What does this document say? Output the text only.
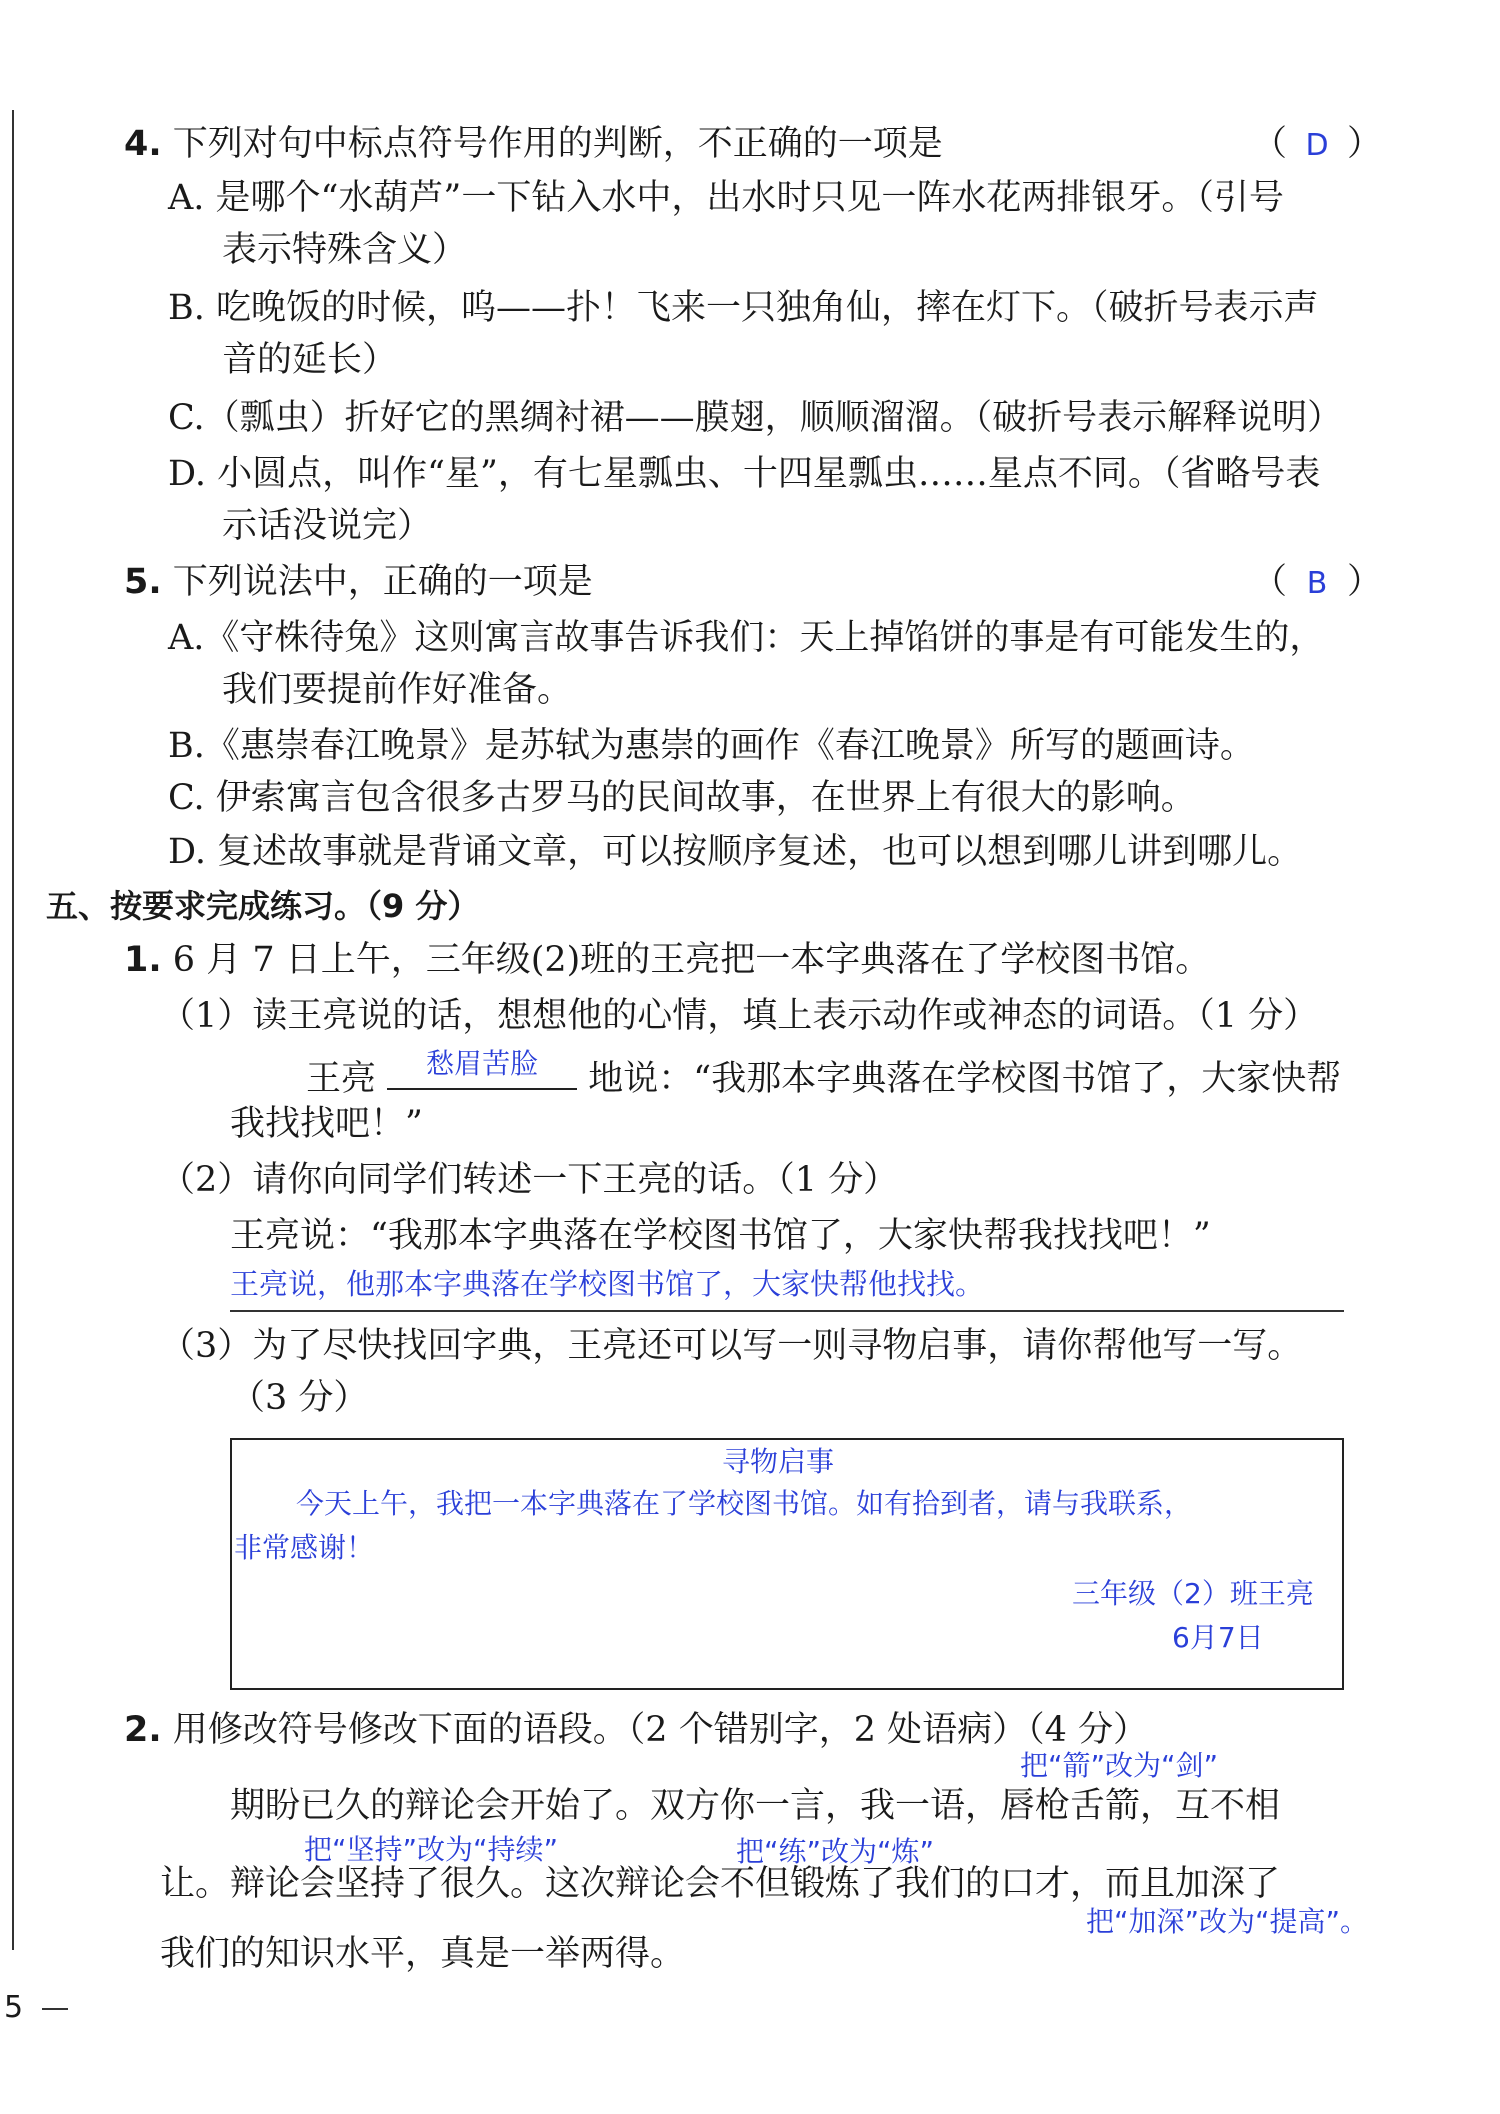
4. 下列对句中标点符号作用的判断，不正确的一项是	（ D ）
A. 是哪个“水葫芦”一下钻入水中，出水时只见一阵水花两排银牙。（引号
表示特殊含义）
B. 吃晚饭的时候，呜——扑！飞来一只独角仙，摔在灯下。（破折号表示声
音的延长）
C.（瓢虫）折好它的黑绸衬裙——膜翅，顺顺溜溜。（破折号表示解释说明）
D. 小圆点，叫作“星”，有七星瓢虫、十四星瓢虫……星点不同。（省略号表
示话没说完）
5. 下列说法中，正确的一项是	（ B ）
A.《守株待兔》这则寓言故事告诉我们：天上掉馅饼的事是有可能发生的，
我们要提前作好准备。
B.《惠崇春江晚景》是苏轼为惠崇的画作《春江晚景》所写的题画诗。
C. 伊索寓言包含很多古罗马的民间故事，在世界上有很大的影响。
D. 复述故事就是背诵文章，可以按顺序复述，也可以想到哪儿讲到哪儿。
五、按要求完成练习。（9 分）
1. 6 月 7 日上午，三年级(2)班的王亮把一本字典落在了学校图书馆。
（1）读王亮说的话，想想他的心情，填上表示动作或神态的词语。（1 分）
王亮	愁眉苦脸	地说：“我那本字典落在学校图书馆了，大家快帮
我找找吧！”
（2）请你向同学们转述一下王亮的话。（1 分）
王亮说：“我那本字典落在学校图书馆了，大家快帮我找找吧！”
王亮说，他那本字典落在学校图书馆了，大家快帮他找找。
（3）为了尽快找回字典，王亮还可以写一则寻物启事，请你帮他写一写。
（3 分）
寻物启事
今天上午，我把一本字典落在了学校图书馆。如有拾到者，请与我联系，
非常感谢！
三年级（2）班王亮
6月7日
2. 用修改符号修改下面的语段。（2 个错别字，2 处语病）（4 分）
把“箭”改为“剑”
期盼已久的辩论会开始了。双方你一言，我一语，唇枪舌箭，互不相
把“坚持”改为“持续”	把“练”改为“炼”
让。辩论会坚持了很久。这次辩论会不但锻炼了我们的口才，而且加深了
把“加深”改为“提高”。
我们的知识水平，真是一举两得。
5
